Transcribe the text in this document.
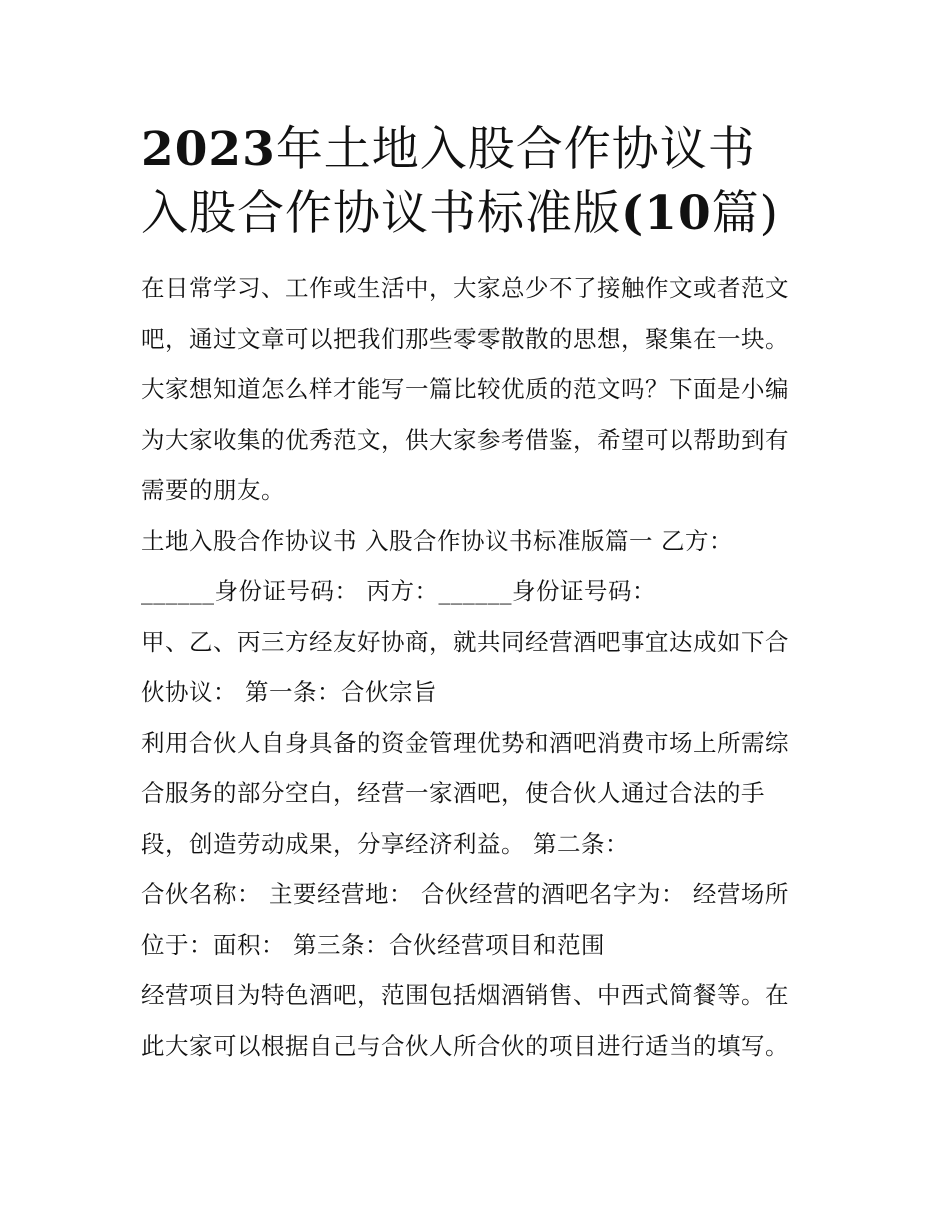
2023年土地入股合作协议书
入股合作协议书标准版(10篇)

在日常学习、工作或生活中，大家总少不了接触作文或者范文
吧，通过文章可以把我们那些零零散散的思想，聚集在一块。
大家想知道怎么样才能写一篇比较优质的范文吗？下面是小编
为大家收集的优秀范文，供大家参考借鉴，希望可以帮助到有
需要的朋友。

土地入股合作协议书 入股合作协议书标准版篇一 乙方：
______身份证号码： 丙方：______身份证号码：

甲、乙、丙三方经友好协商，就共同经营酒吧事宜达成如下合
伙协议： 第一条：合伙宗旨

利用合伙人自身具备的资金管理优势和酒吧消费市场上所需综
合服务的部分空白，经营一家酒吧，使合伙人通过合法的手
段，创造劳动成果，分享经济利益。 第二条：

合伙名称： 主要经营地： 合伙经营的酒吧名字为： 经营场所
位于：面积： 第三条：合伙经营项目和范围

经营项目为特色酒吧，范围包括烟酒销售、中西式简餐等。在
此大家可以根据自己与合伙人所合伙的项目进行适当的填写。
